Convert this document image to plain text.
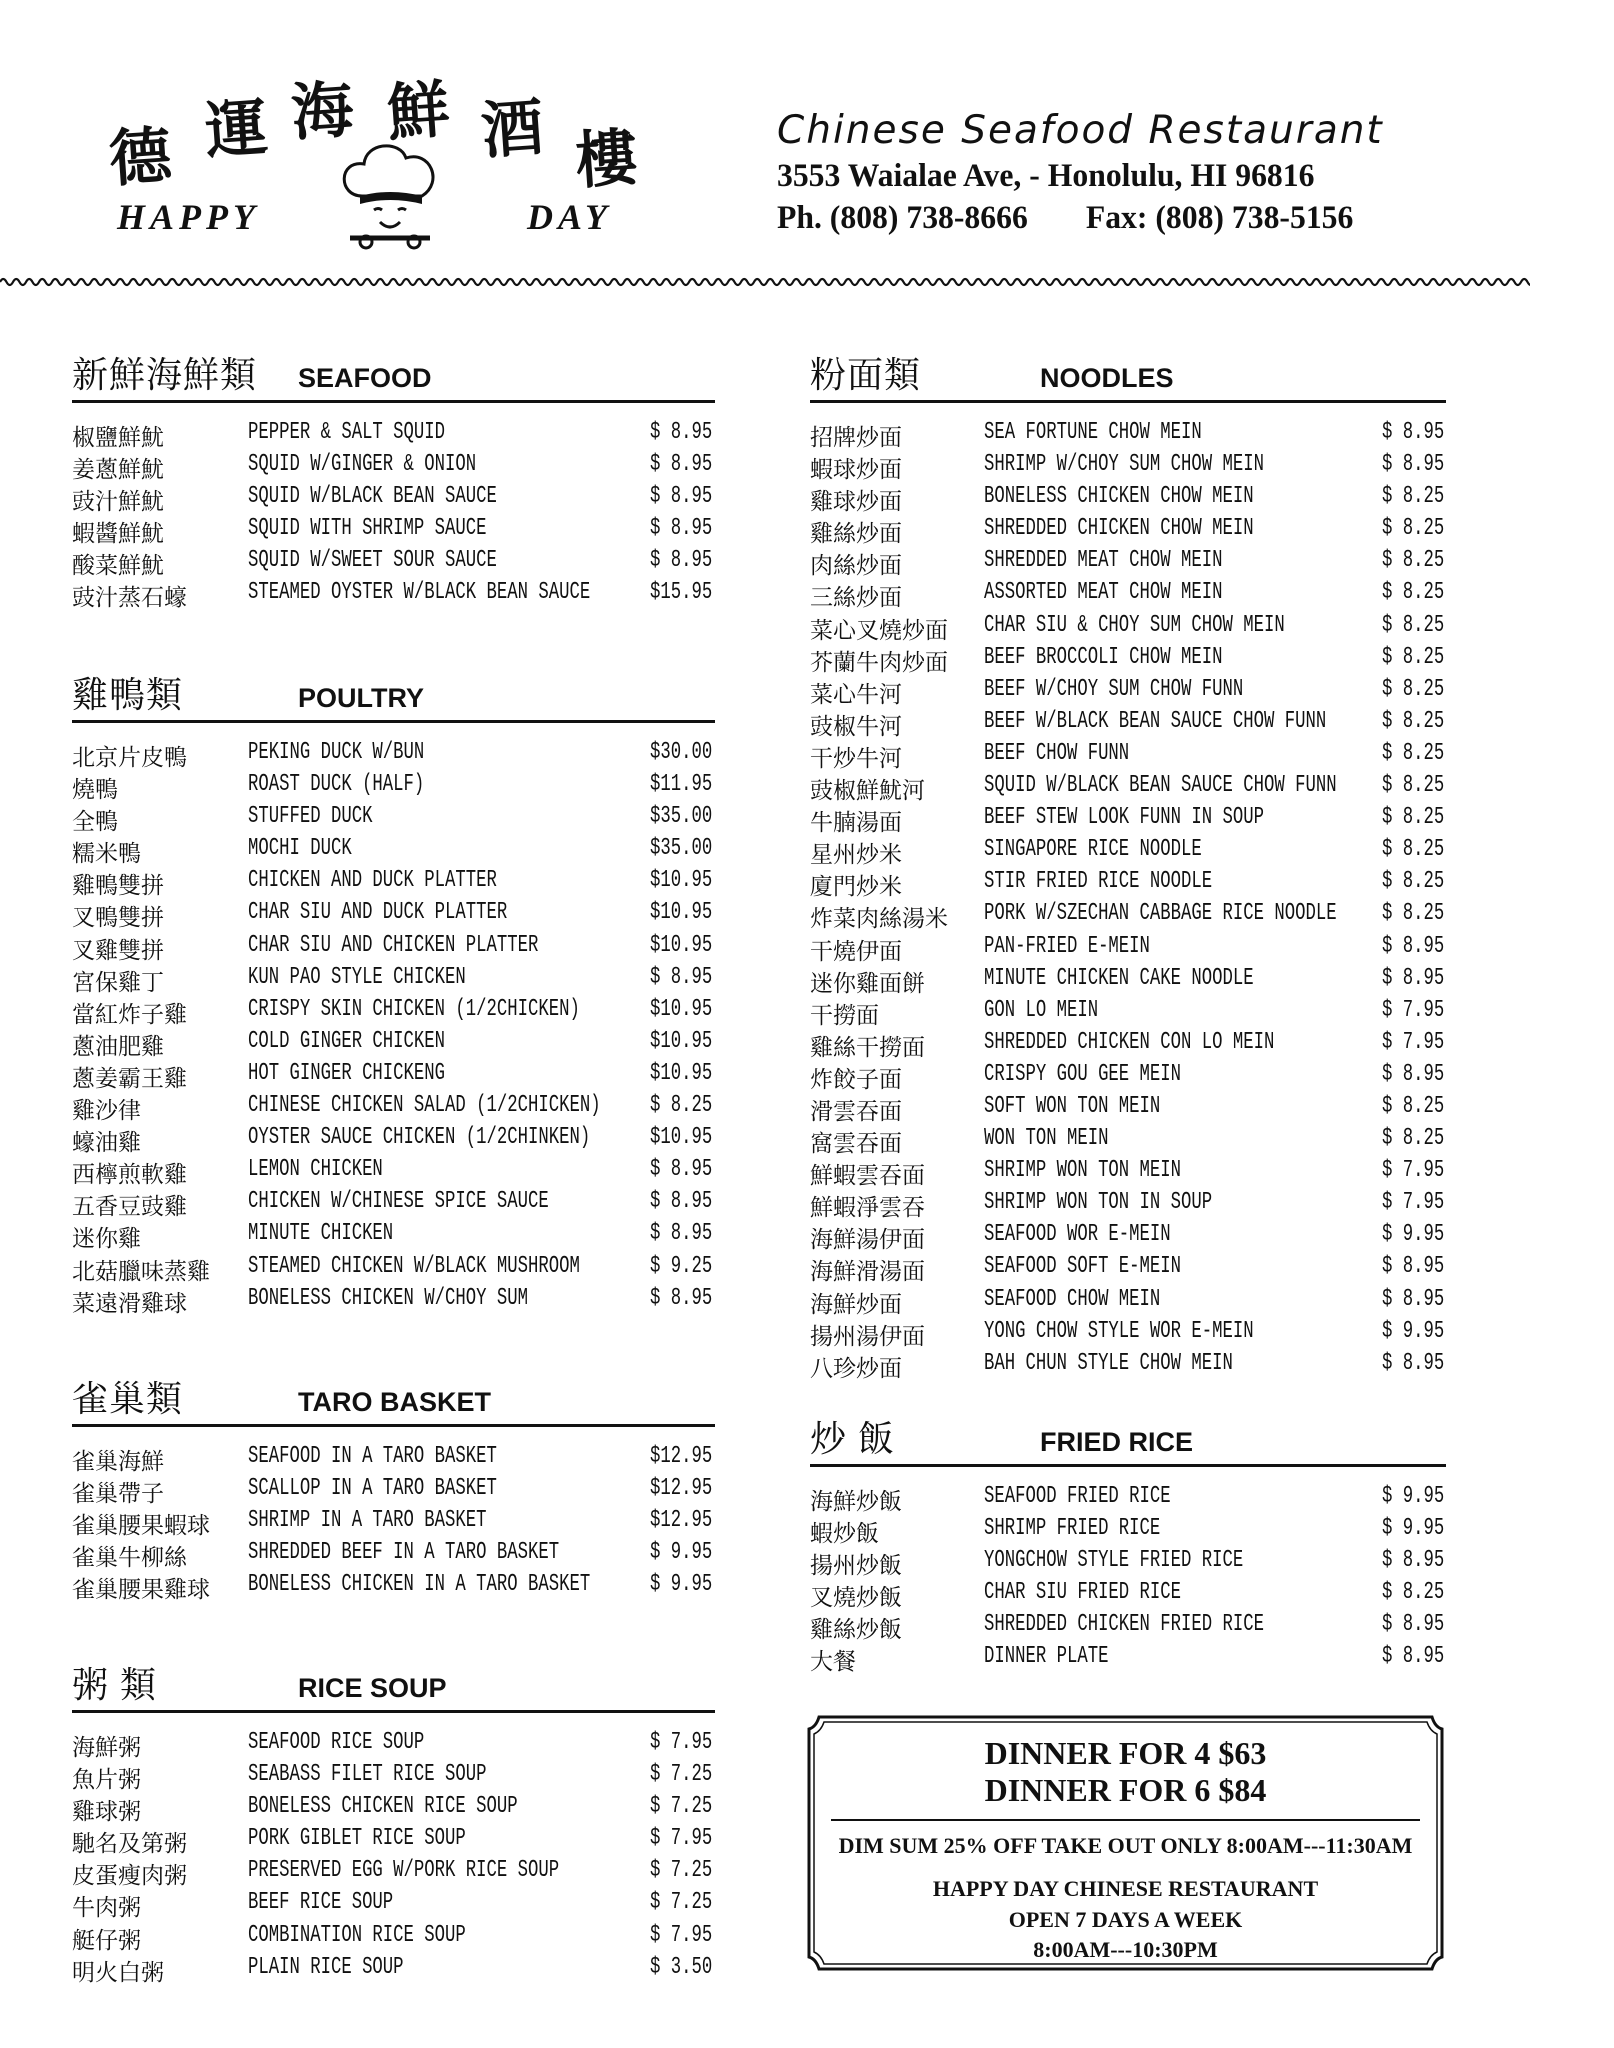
德 運 海 鮮 酒 樓
HAPPY	DAY
Chinese Seafood Restaurant
3553 Waialae Ave, - Honolulu, HI 96816
Ph. (808) 738-8666 Fax: (808) 738-5156
新鮮海鮮類 SEAFOOD
椒鹽鮮魷	PEPPER & SALT SQUID	$ 8.95
姜蔥鮮魷	SQUID W/GINGER & ONION	$ 8.95
豉汁鮮魷	SQUID W/BLACK BEAN SAUCE	$ 8.95
蝦醬鮮魷	SQUID WITH SHRIMP SAUCE	$ 8.95
酸菜鮮魷	SQUID W/SWEET SOUR SAUCE	$ 8.95
豉汁蒸石蠔	STEAMED OYSTER W/BLACK BEAN SAUCE $15.95
雞鴨類	POULTRY
北京片皮鴨	PEKING DUCK W/BUN	$30.00
燒鴨	ROAST DUCK (HALF)	$11.95
全鴨	STUFFED DUCK	$35.00
糯米鴨	MOCHI DUCK	$35.00
雞鴨雙拼	CHICKEN AND DUCK PLATTER	$10.95
叉鴨雙拼	CHAR SIU AND DUCK PLATTER	$10.95
叉雞雙拼	CHAR SIU AND CHICKEN PLATTER	$10.95
宮保雞丁	KUN PAO STYLE CHICKEN	$ 8.95
當紅炸子雞	CRISPY SKIN CHICKEN (1/2CHICKEN)	$10.95
蔥油肥雞	COLD GINGER CHICKEN	$10.95
蔥姜霸王雞	HOT GINGER CHICKENG	$10.95
雞沙律	CHINESE CHICKEN SALAD (1/2CHICKEN) $ 8.25
蠔油雞	OYSTER SAUCE CHICKEN (1/2CHINKEN) $10.95
西檸煎軟雞	LEMON CHICKEN	$ 8.95
五香豆豉雞	CHICKEN W/CHINESE SPICE SAUCE	$ 8.95
迷你雞	MINUTE CHICKEN	$ 8.95
北菇臘味蒸雞 STEAMED CHICKEN W/BLACK MUSHROOM	$ 9.25
菜遠滑雞球	BONELESS CHICKEN W/CHOY SUM	$ 8.95
雀巢類	TARO BASKET
雀巢海鮮	SEAFOOD IN A TARO BASKET	$12.95
雀巢帶子	SCALLOP IN A TARO BASKET	$12.95
雀巢腰果蝦球 SHRIMP IN A TARO BASKET	$12.95
雀巢牛柳絲	SHREDDED BEEF IN A TARO BASKET	$ 9.95
雀巢腰果雞球 BONELESS CHICKEN IN A TARO BASKET $ 9.95
粥 類	RICE SOUP
海鮮粥	SEAFOOD RICE SOUP	$ 7.95
魚片粥	SEABASS FILET RICE SOUP	$ 7.25
雞球粥	BONELESS CHICKEN RICE SOUP	$ 7.25
馳名及第粥	PORK GIBLET RICE SOUP	$ 7.95
皮蛋瘦肉粥	PRESERVED EGG W/PORK RICE SOUP	$ 7.25
牛肉粥	BEEF RICE SOUP	$ 7.25
艇仔粥	COMBINATION RICE SOUP	$ 7.95
明火白粥	PLAIN RICE SOUP	$ 3.50
粉面類	NOODLES
招牌炒面	SEA FORTUNE CHOW MEIN	$ 8.95
蝦球炒面	SHRIMP W/CHOY SUM CHOW MEIN	$ 8.95
雞球炒面	BONELESS CHICKEN CHOW MEIN	$ 8.25
雞絲炒面	SHREDDED CHICKEN CHOW MEIN	$ 8.25
肉絲炒面	SHREDDED MEAT CHOW MEIN	$ 8.25
三絲炒面	ASSORTED MEAT CHOW MEIN	$ 8.25
菜心叉燒炒面 CHAR SIU & CHOY SUM CHOW MEIN	$ 8.25
芥蘭牛肉炒面 BEEF BROCCOLI CHOW MEIN	$ 8.25
菜心牛河	BEEF W/CHOY SUM CHOW FUNN	$ 8.25
豉椒牛河	BEEF W/BLACK BEAN SAUCE CHOW FUNN $ 8.25
干炒牛河	BEEF CHOW FUNN	$ 8.25
豉椒鮮魷河 SQUID W/BLACK BEAN SAUCE CHOW FUNN $ 8.25
牛腩湯面	BEEF STEW LOOK FUNN IN SOUP	$ 8.25
星州炒米	SINGAPORE RICE NOODLE	$ 8.25
廈門炒米	STIR FRIED RICE NOODLE	$ 8.25
炸菜肉絲湯米 PORK W/SZECHAN CABBAGE RICE NOODLE $ 8.25
干燒伊面	PAN-FRIED E-MEIN	$ 8.95
迷你雞面餅 MINUTE CHICKEN CAKE NOODLE	$ 8.95
干撈面	GON LO MEIN	$ 7.95
雞絲干撈面 SHREDDED CHICKEN CON LO MEIN	$ 7.95
炸餃子面	CRISPY GOU GEE MEIN	$ 8.95
滑雲吞面	SOFT WON TON MEIN	$ 8.25
窩雲吞面	WON TON MEIN	$ 8.25
鮮蝦雲吞面 SHRIMP WON TON MEIN	$ 7.95
鮮蝦淨雲吞 SHRIMP WON TON IN SOUP	$ 7.95
海鮮湯伊面 SEAFOOD WOR E-MEIN	$ 9.95
海鮮滑湯面 SEAFOOD SOFT E-MEIN	$ 8.95
海鮮炒面	SEAFOOD CHOW MEIN	$ 8.95
揚州湯伊面 YONG CHOW STYLE WOR E-MEIN	$ 9.95
八珍炒面	BAH CHUN STYLE CHOW MEIN	$ 8.95
炒 飯	FRIED RICE
海鮮炒飯	SEAFOOD FRIED RICE	$ 9.95
蝦炒飯	SHRIMP FRIED RICE	$ 9.95
揚州炒飯	YONGCHOW STYLE FRIED RICE	$ 8.95
叉燒炒飯	CHAR SIU FRIED RICE	$ 8.25
雞絲炒飯	SHREDDED CHICKEN FRIED RICE	$ 8.95
大餐	DINNER PLATE	$ 8.95
DINNER FOR 4 $63
DINNER FOR 6 $84
DIM SUM 25% OFF TAKE OUT ONLY 8:00AM---11:30AM
HAPPY DAY CHINESE RESTAURANT
OPEN 7 DAYS A WEEK
8:00AM---10:30PM
